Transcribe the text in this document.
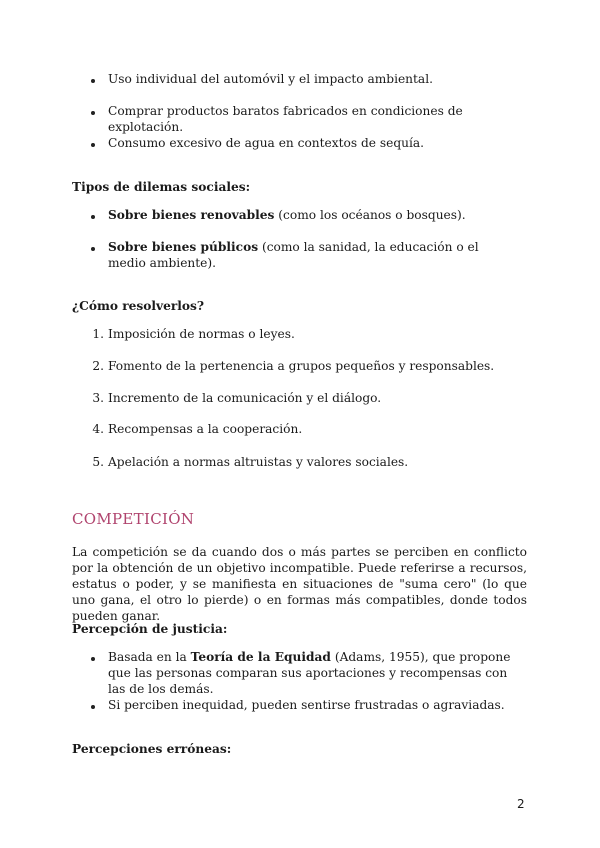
Uso individual del automóvil y el impacto ambiental.
Comprar productos baratos fabricados en condiciones de explotación.
Consumo excesivo de agua en contextos de sequía.
Tipos de dilemas sociales:
Sobre bienes renovables (como los océanos o bosques).
Sobre bienes públicos (como la sanidad, la educación o el medio ambiente).
¿Cómo resolverlos?
1. Imposición de normas o leyes.
2. Fomento de la pertenencia a grupos pequeños y responsables.
3. Incremento de la comunicación y el diálogo.
4. Recompensas a la cooperación.
5. Apelación a normas altruistas y valores sociales.
COMPETICIÓN
La competición se da cuando dos o más partes se perciben en conflicto por la obtención de un objetivo incompatible. Puede referirse a recursos, estatus o poder, y se manifiesta en situaciones de "suma cero" (lo que uno gana, el otro lo pierde) o en formas más compatibles, donde todos pueden ganar.
Percepción de justicia:
Basada en la Teoría de la Equidad (Adams, 1955), que propone que las personas comparan sus aportaciones y recompensas con las de los demás.
Si perciben inequidad, pueden sentirse frustradas o agraviadas.
Percepciones erróneas:
2
